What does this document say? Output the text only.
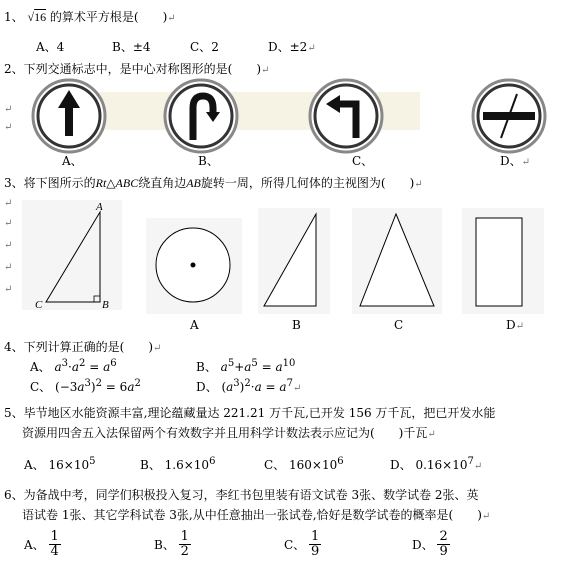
1、 √16 的算术平方根是(　　)↵
A、4	B、±4	C、2	D、±2↵
2、下列交通标志中，是中心对称图形的是(　　)↵
↵
↵
A、	B、	C、	D、↵
3、将下图所示的Rt△ABC绕直角边AB旋转一周，所得几何体的主视图为(　　)↵
↵
↵
↵
↵
↵
A
B
C
A	B	C	D↵
4、下列计算正确的是(　　)↵
A、 $a^3\cdot a^2 = a^6$	B、 $a^5+a^5 = a^{10}$
C、 $(-3a^3)^2 = 6a^2$	D、 $(a^3)^2\cdot a$ = $a^7↵$
5、毕节地区水能资源丰富,理论蕴藏量达 221.21 万千瓦,已开发 156 万千瓦，把已开发水能
资源用四舍五入法保留两个有效数字并且用科学计数法表示应记为(　　)千瓦↵
A、 $16\times 10^5$	B、 $1.6\times 10^6$	C、 $160\times 10^6$	D、 $0.16\times 10^7↵$
6、为备战中考，同学们积极投入复习，李红书包里装有语文试卷 3张、数学试卷 2张、英
语试卷 1张、其它学科试卷 3张,从中任意抽出一张试卷,恰好是数学试卷的概率是(　　)↵
A、 $\frac{1}{4}$	B、 $\frac{1}{2}$	C、 $\frac{1}{9}$	D、 $\frac{2}{9}$
